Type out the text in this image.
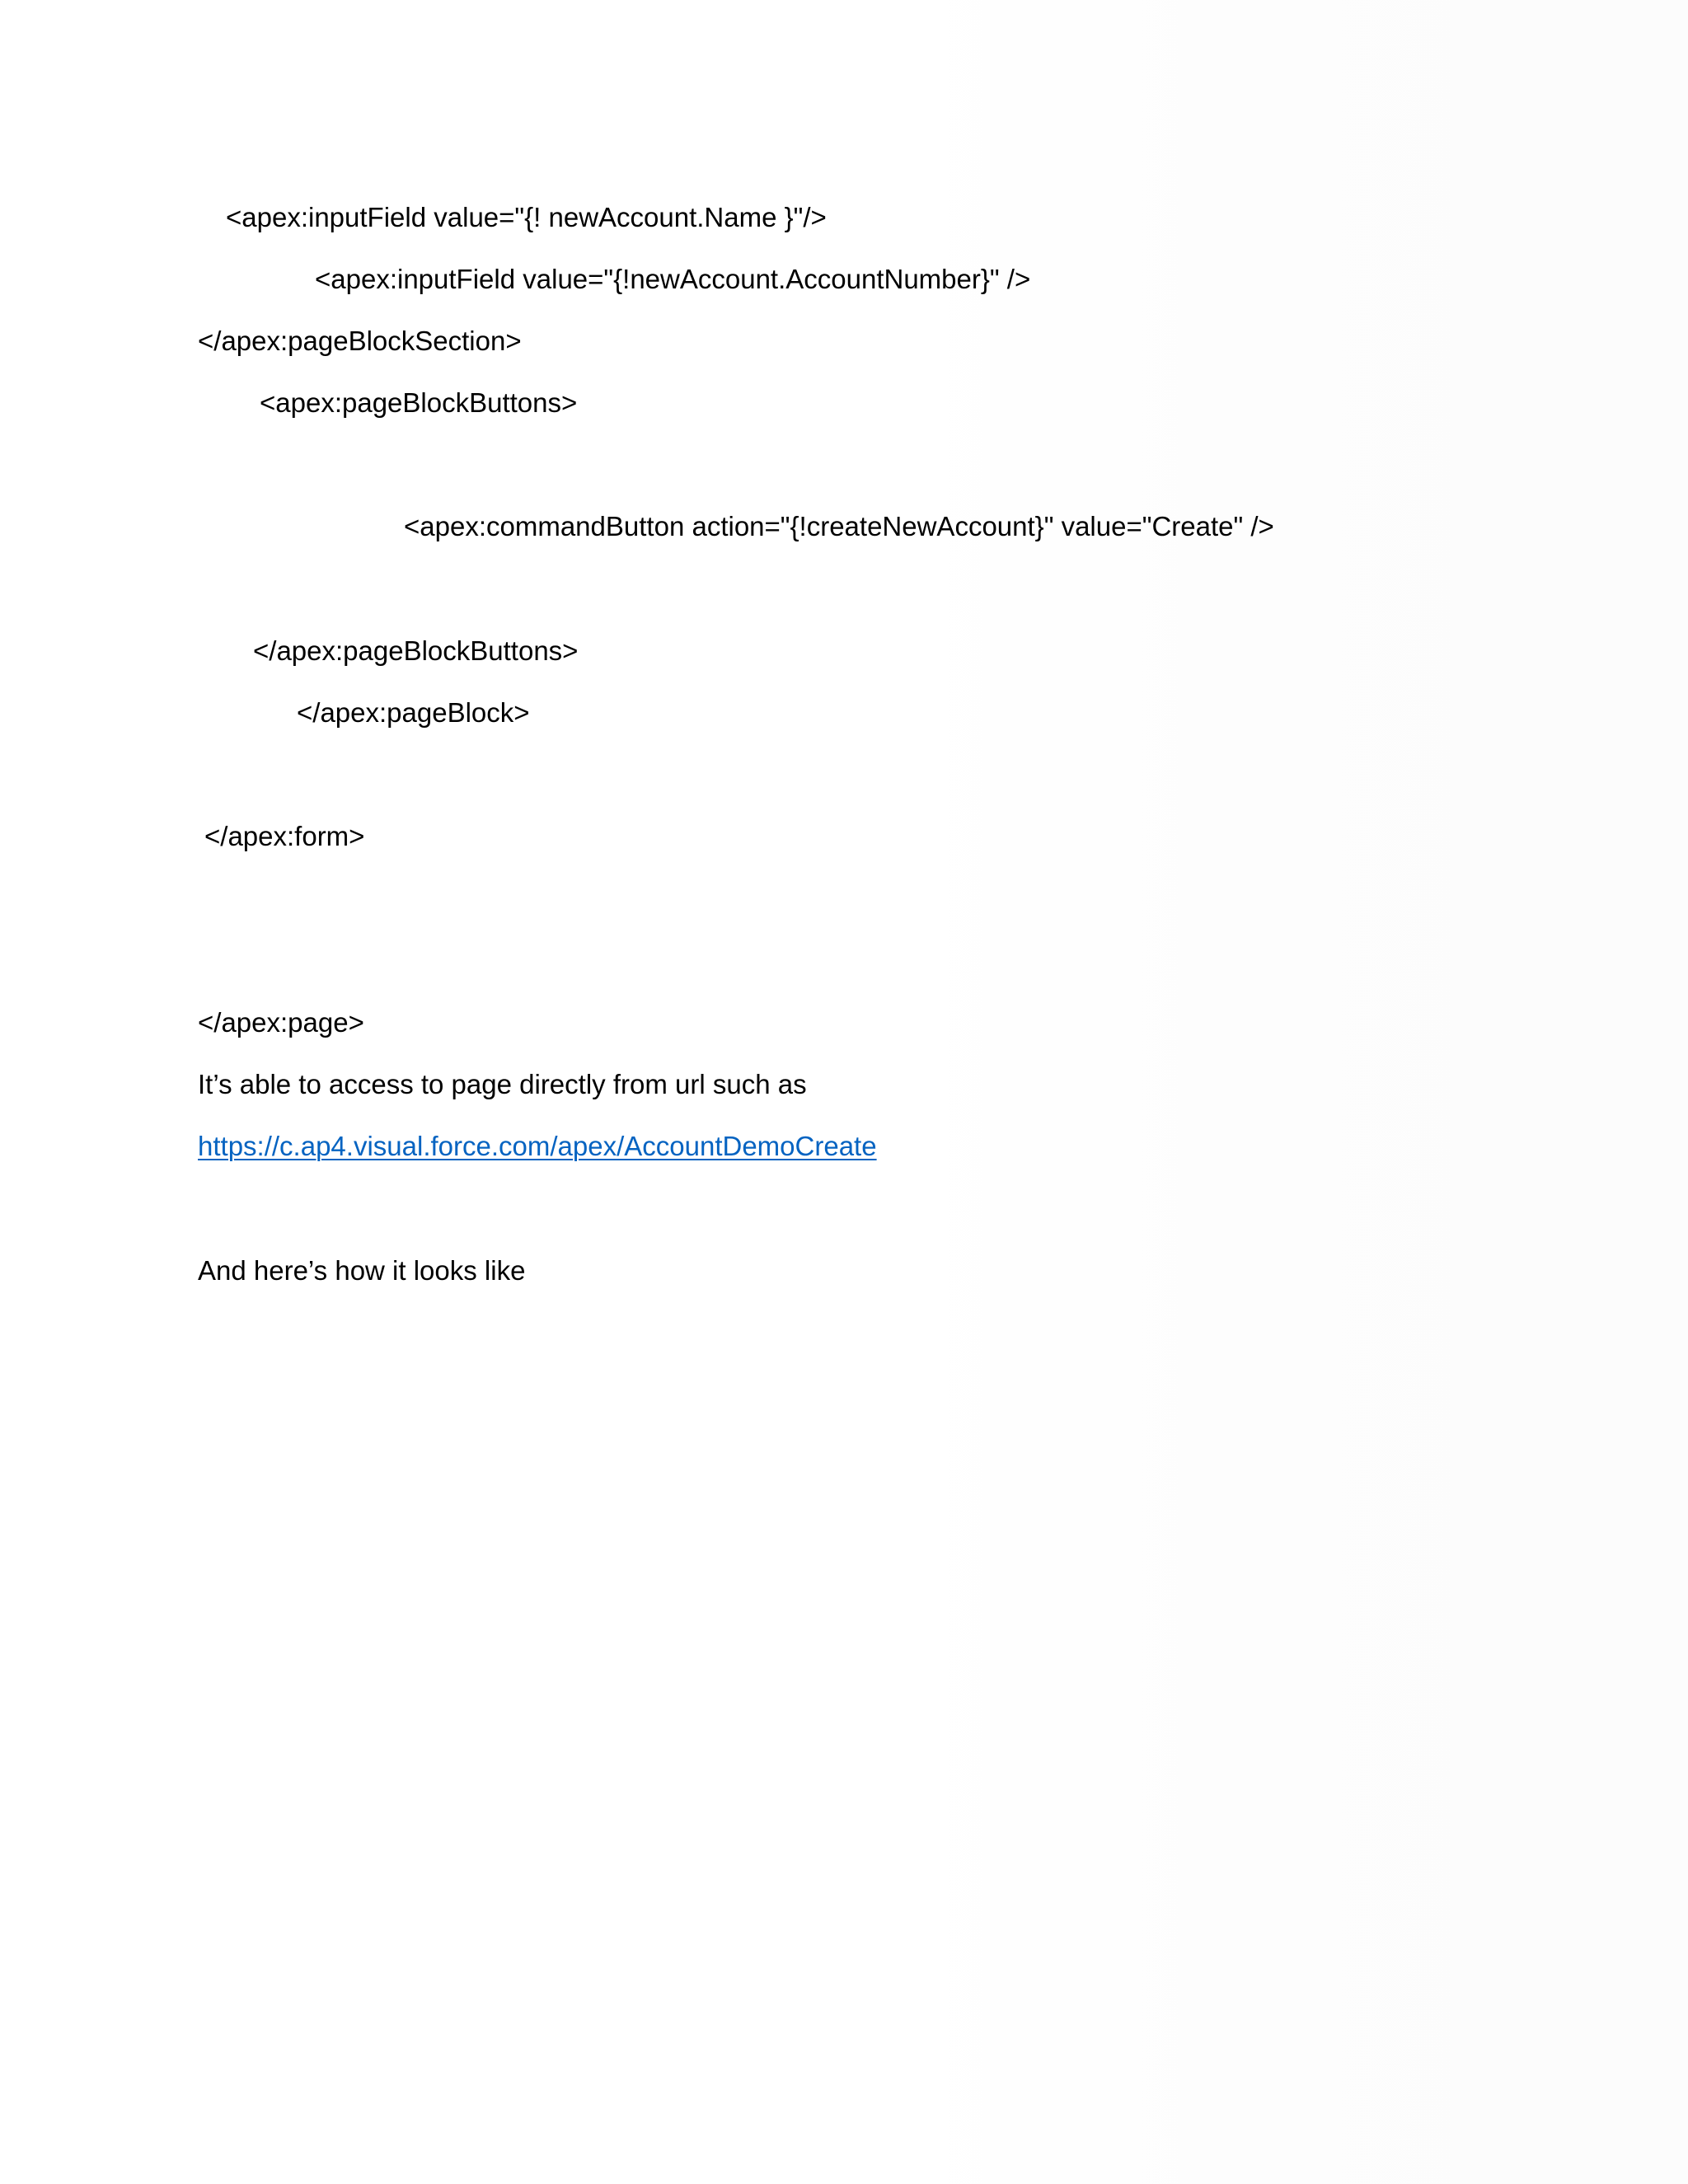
<apex:inputField value="{! newAccount.Name }"/>
<apex:inputField value="{!newAccount.AccountNumber}" />
</apex:pageBlockSection>
<apex:pageBlockButtons>
<apex:commandButton action="{!createNewAccount}" value="Create" />
</apex:pageBlockButtons>
</apex:pageBlock>
</apex:form>
</apex:page>
It’s able to access to page directly from url such as
https://c.ap4.visual.force.com/apex/AccountDemoCreate
And here’s how it looks like
